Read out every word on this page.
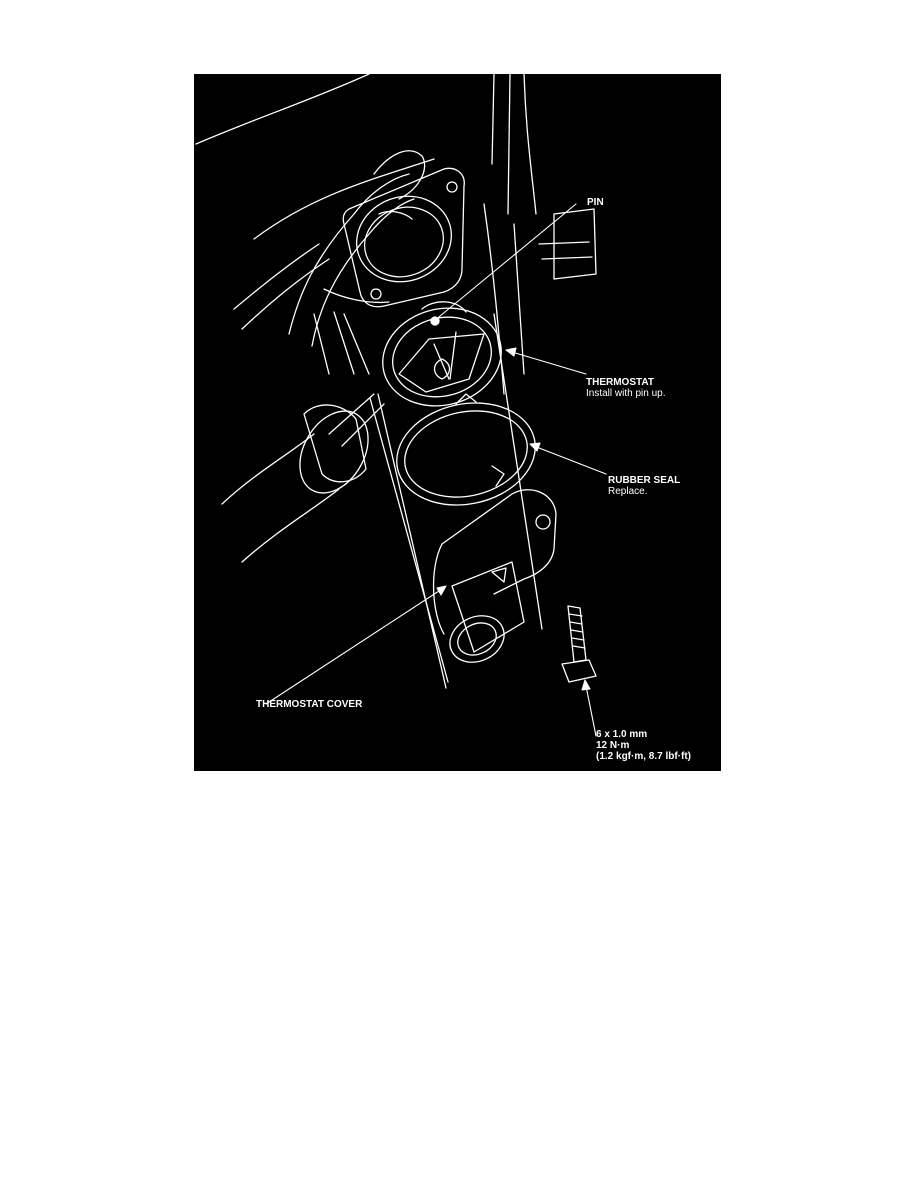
PIN
THERMOSTAT
Install with pin up.
RUBBER SEAL
Replace.
THERMOSTAT COVER
6 x 1.0 mm
12 N·m
(1.2 kgf·m, 8.7 lbf·ft)
